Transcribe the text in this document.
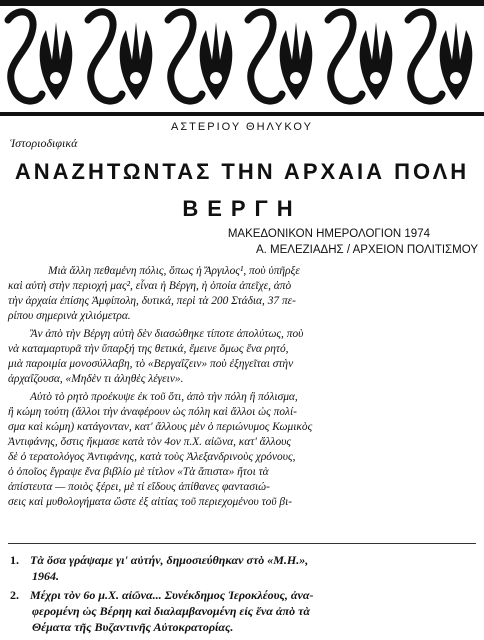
ΑΣΤΕΡΙΟΥ ΘΗΛΥΚΟΥ
Ἱστοριοδιφικά
ΑΝΑΖΗΤΩΝΤΑΣ ΤΗΝ ΑΡΧΑΙΑ ΠΟΛΗ
ΒΕΡΓΗ
ΜΑΚΕΔΟΝΙΚΟΝ ΗΜΕΡΟΛΟΓΙΟΝ 1974
Α. ΜΕΛΕΖΙΑΔΗΣ / ΑΡΧΕΙΟΝ ΠΟΛΙΤΙΣΜΟΥ

Μιὰ ἄλλη πεθαμένη πόλις, ὅπως ἡ Ἄργιλος¹, ποὺ ὑπῆρξε
καὶ αὐτὴ στὴν περιοχή μας², εἶναι ἡ Βέργη, ἡ ὁποία ἀπεῖχε, ἀπὸ
τὴν ἀρχαία ἐπίσης Ἀμφίπολη, δυτικά, περὶ τὰ 200 Στάδια, 37 πε-
ρίπου σημερινὰ χιλιόμετρα.

Ἂν ἀπὸ τὴν Βέργη αὐτὴ δὲν διασώθηκε τίποτε ἀπολύτως, ποὺ
νὰ καταμαρτυρᾶ τὴν ὕπαρξή της θετικά, ἔμεινε ὅμως ἕνα ρητό,
μιὰ παροιμία μονοσύλλαβη, τὸ «Βεργαΐζειν» ποὺ ἐξηγεῖται στὴν
ἀρχαΐζουσα, «Μηδὲν τι ἀληθὲς λέγειν».

Αὐτὸ τὸ ρητὸ προέκυψε ἐκ τοῦ ὅτι, ἀπὸ τὴν πόλη ἢ πόλισμα,
ἢ κώμη τούτη (ἄλλοι τὴν ἀναφέρουν ὡς πόλη καὶ ἄλλοι ὡς πολί-
σμα καὶ κώμη) κατάγονταν, κατ' ἄλλους μὲν ὁ περιώνυμος Κωμικὸς
Ἀντιφάνης, ὅστις ἤκμασε κατὰ τὸν 4ον π.Χ. αἰῶνα, κατ' ἄλλους
δὲ ὁ τερατολόγος Ἀντιφάνης, κατὰ τοὺς Ἀλεξανδρινοὺς χρόνους,
ὁ ὁποῖος ἔγραψε ἕνα βιβλίο μὲ τίτλον «Τὰ ἄπιστα» ἤτοι τὰ
ἀπίστευτα — ποιὸς ξέρει, μὲ τί εἴδους ἀπίθανες φαντασιώ-
σεις καὶ μυθολογήματα ὥστε ἐξ αἰτίας τοῦ περιεχομένου τοῦ βι-

1. Τὰ ὅσα γράψαμε γι' αὐτήν, δημοσιεύθηκαν στὸ «Μ.Η.»,
1964.
2. Μέχρι τὸν 6ο μ.Χ. αἰῶνα... Συνέκδημος Ἱεροκλέους, ἀνα-
φερομένη ὡς Βέρηη καὶ διαλαμβανομένη εἰς ἕνα ἀπὸ τὰ
Θέματα τῆς Βυζαντινῆς Αὐτοκρατορίας.
